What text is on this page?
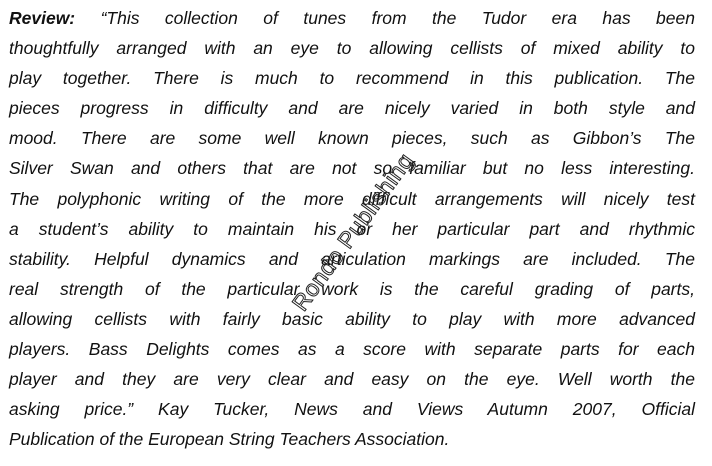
Review: “This collection of tunes from the Tudor era has been
thoughtfully arranged with an eye to allowing cellists of mixed ability to
play together. There is much to recommend in this publication. The
pieces progress in difficulty and are nicely varied in both style and
mood. There are some well known pieces, such as Gibbon’s The
Silver Swan and others that are not so familiar but no less interesting.
The polyphonic writing of the more difficult arrangements will nicely test
a student’s ability to maintain his or her particular part and rhythmic
stability. Helpful dynamics and articulation markings are included. The
real strength of the particular work is the careful grading of parts,
allowing cellists with fairly basic ability to play with more advanced
players. Bass Delights comes as a score with separate parts for each
player and they are very clear and easy on the eye. Well worth the
asking price.” Kay Tucker, News and Views Autumn 2007, Official
Publication of the European String Teachers Association.
Rondo Publishing
